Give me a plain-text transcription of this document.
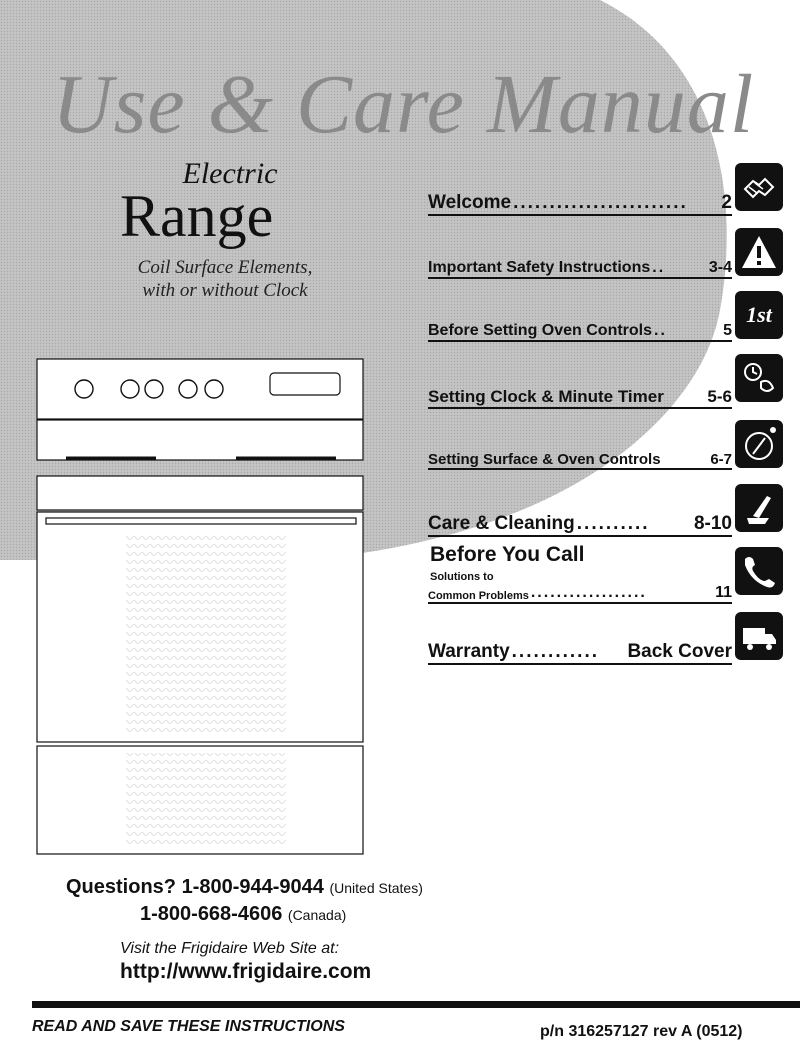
Use & Care Manual
Electric
Range
Coil Surface Elements,
with or without Clock
Welcome ........................	2
Important Safety Instructions ..	3-4
Before Setting Oven Controls ..	5
1st
Setting Clock & Minute Timer	5-6
Setting Surface & Oven Controls	6-7
Care & Cleaning ..........	8-10
Before You Call
Solutions to
Common Problems ..................	11
Warranty ............	Back Cover
Questions? 1-800-944-9044 (United States)
1-800-668-4606 (Canada)
Visit the Frigidaire Web Site at:
http://www.frigidaire.com
READ AND SAVE THESE INSTRUCTIONS	p/n 316257127 rev A (0512)
